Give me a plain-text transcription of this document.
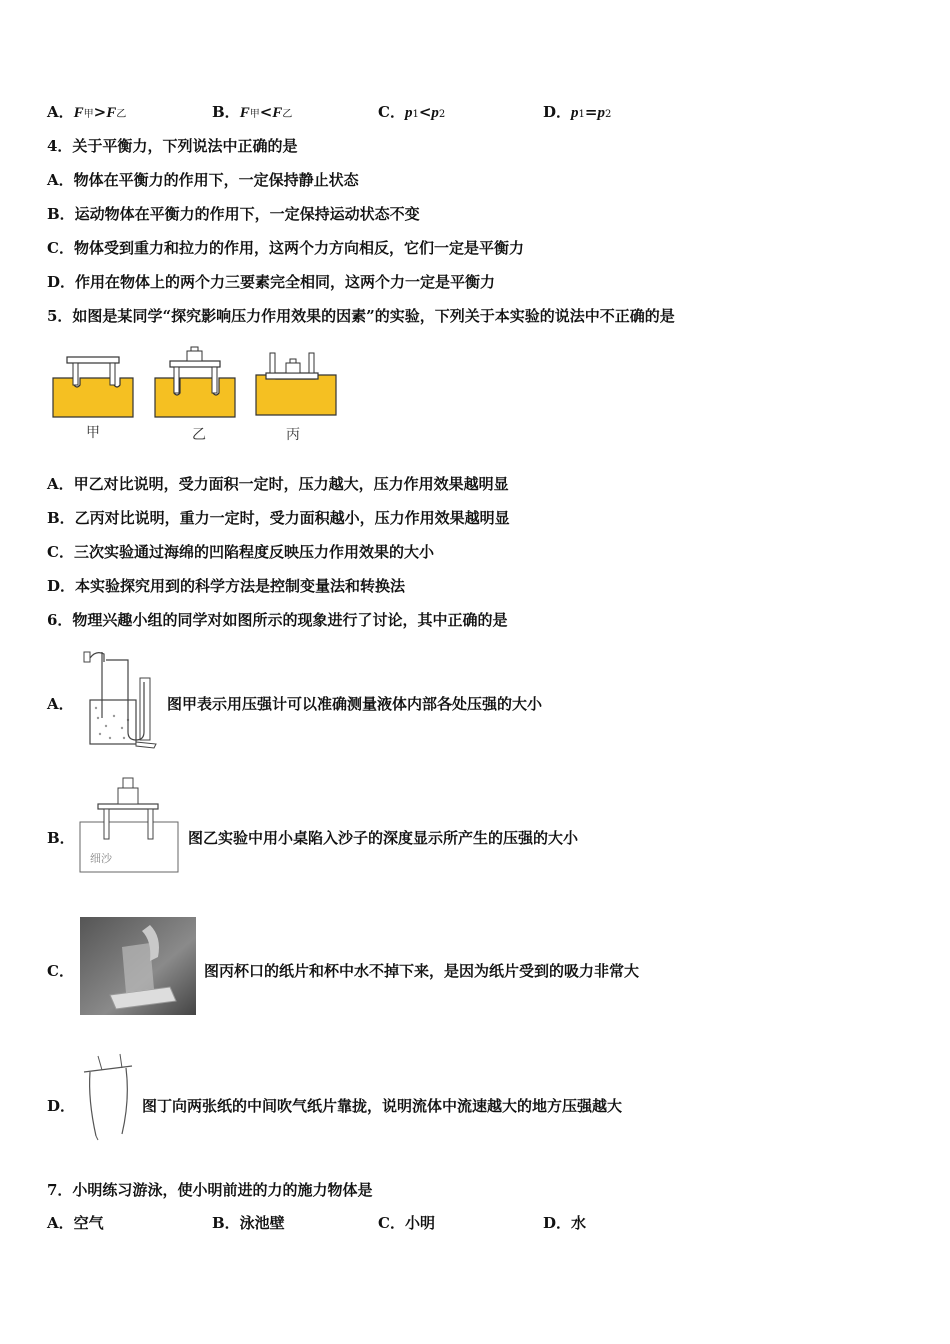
A．F甲>F乙	B．F甲<F乙	C．p1<p2	D．p1=p2
4．关于平衡力，下列说法中正确的是
A．物体在平衡力的作用下，一定保持静止状态
B．运动物体在平衡力的作用下，一定保持运动状态不变
C．物体受到重力和拉力的作用，这两个力方向相反，它们一定是平衡力
D．作用在物体上的两个力三要素完全相同，这两个力一定是平衡力
5．如图是某同学“探究影响压力作用效果的因素”的实验，下列关于本实验的说法中不正确的是
甲	乙	丙
A．甲乙对比说明，受力面积一定时，压力越大，压力作用效果越明显
B．乙丙对比说明，重力一定时，受力面积越小，压力作用效果越明显
C．三次实验通过海绵的凹陷程度反映压力作用效果的大小
D．本实验探究用到的科学方法是控制变量法和转换法
6．物理兴趣小组的同学对如图所示的现象进行了讨论，其中正确的是
A．	图甲表示用压强计可以准确测量液体内部各处压强的大小
B．
细沙
图乙实验中用小桌陷入沙子的深度显示所产生的压强的大小
C．	图丙杯口的纸片和杯中水不掉下来，是因为纸片受到的吸力非常大
D．	图丁向两张纸的中间吹气纸片靠拢，说明流体中流速越大的地方压强越大
7．小明练习游泳，使小明前进的力的施力物体是
A．空气	B．泳池壁	C．小明	D．水
